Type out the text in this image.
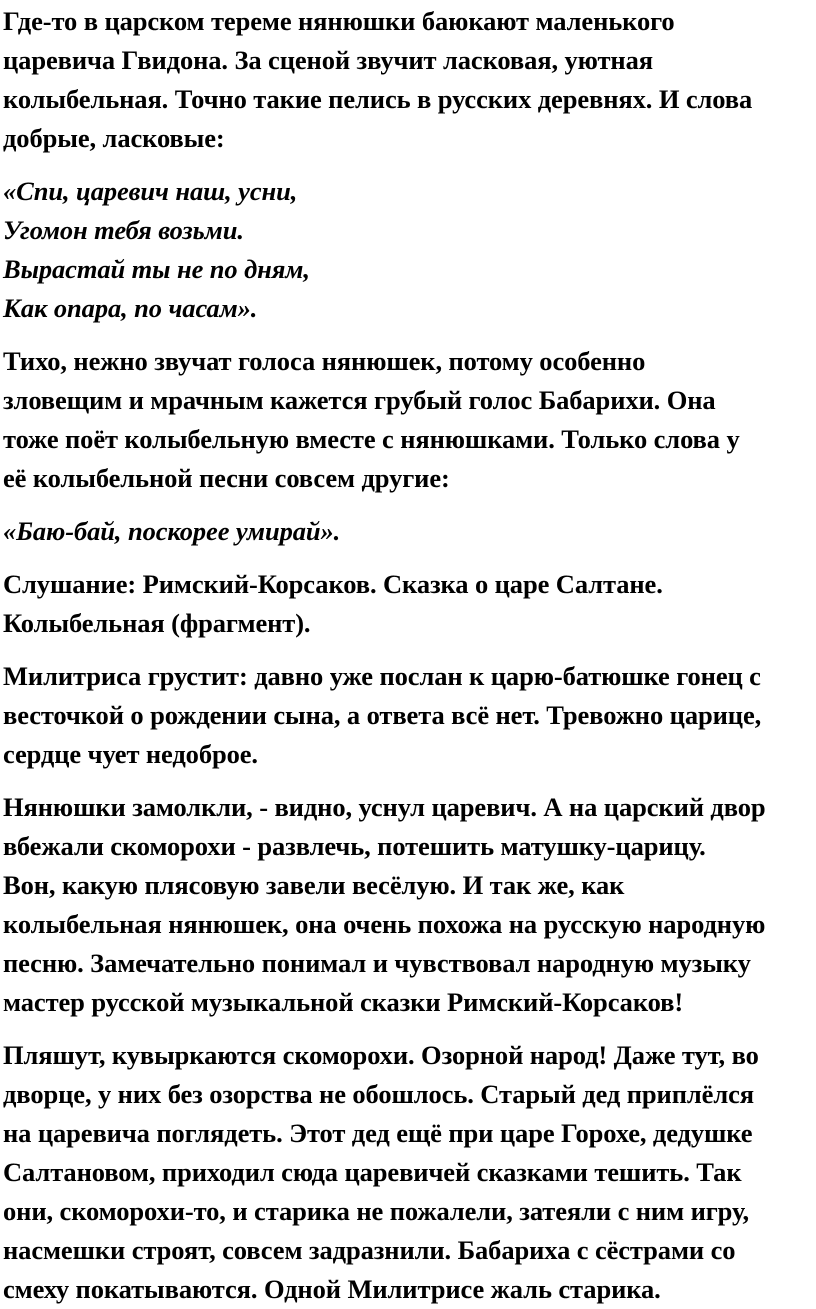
Где-то в царском тереме нянюшки баюкают маленького
царевича Гвидона. За сценой звучит ласковая, уютная
колыбельная. Точно такие пелись в русских деревнях. И слова
добрые, ласковые:
«Спи, царевич наш, усни,
Угомон тебя возьми.
Вырастай ты не по дням,
Как опара, по часам».
Тихо, нежно звучат голоса нянюшек, потому особенно
зловещим и мрачным кажется грубый голос Бабарихи. Она
тоже поёт колыбельную вместе с нянюшками. Только слова у
её колыбельной песни совсем другие:
«Баю-бай, поскорее умирай».
Слушание: Римский-Корсаков. Сказка о царе Салтане.
Колыбельная (фрагмент).
Милитриса грустит: давно уже послан к царю-батюшке гонец с
весточкой о рождении сына, а ответа всё нет. Тревожно царице,
сердце чует недоброе.
Нянюшки замолкли, - видно, уснул царевич. А на царский двор
вбежали скоморохи - развлечь, потешить матушку-царицу.
Вон, какую плясовую завели весёлую. И так же, как
колыбельная нянюшек, она очень похожа на русскую народную
песню. Замечательно понимал и чувствовал народную музыку
мастер русской музыкальной сказки Римский-Корсаков!
Пляшут, кувыркаются скоморохи. Озорной народ! Даже тут, во
дворце, у них без озорства не обошлось. Старый дед приплёлся
на царевича поглядеть. Этот дед ещё при царе Горохе, дедушке
Салтановом, приходил сюда царевичей сказками тешить. Так
они, скоморохи-то, и старика не пожалели, затеяли с ним игру,
насмешки строят, совсем задразнили. Бабариха с сёстрами со
смеху покатываются. Одной Милитрисе жаль старика.
